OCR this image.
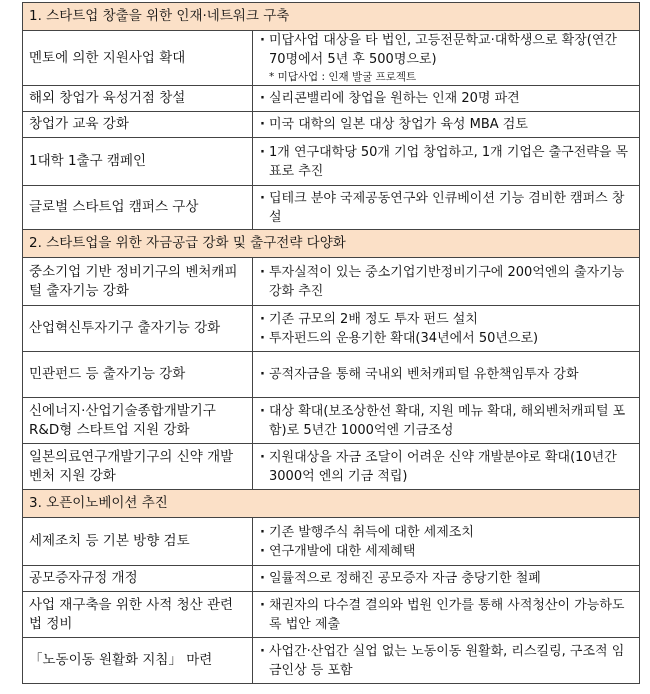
1. 스타트업 창출을 위한 인재·네트워크 구축	
멘토에 의한 지원사업 확대	· 미답사업 대상을 타 법인, 고등전문학교·대학생으로 확장(연간 70명에서 5년 후 500명으로)
* 미답사업 : 인재 발굴 프로젝트

해외 창업가 육성거점 창설	· 실리콘밸리에 창업을 원하는 인재 20명 파견

창업가 교육 강화	· 미국 대학의 일본 대상 창업가 육성 MBA 검토

1대학 1출구 캠페인	· 1개 연구대학당 50개 기업 창업하고, 1개 기업은 출구전략을 목표로 추진

글로벌 스타트업 캠퍼스 구상	· 딥테크 분야 국제공동연구와 인큐베이션 기능 겸비한 캠퍼스 창설

2. 스타트업을 위한 자금공급 강화 및 출구전략 다양화	
중소기업 기반 정비기구의 벤처캐피털 출자기능 강화	· 투자실적이 있는 중소기업기반정비기구에 200억엔의 출자기능 강화 추진

산업혁신투자기구 출자기능 강화	· 기존 규모의 2배 정도 투자 펀드 설치
· 투자펀드의 운용기한 확대(34년에서 50년으로)

민관펀드 등 출자기능 강화	· 공적자금을 통해 국내외 벤처캐피털 유한책임투자 강화

신에너지·산업기술종합개발기구 R&D형 스타트업 지원 강화	· 대상 확대(보조상한선 확대, 지원 메뉴 확대, 해외벤처캐피털 포함)로 5년간 1000억엔 기금조성

일본의료연구개발기구의 신약 개발벤처 지원 강화	· 지원대상을 자금 조달이 어려운 신약 개발분야로 확대(10년간 3000억 엔의 기금 적립)

3. 오픈이노베이션 추진	
세제조치 등 기본 방향 검토	· 기존 발행주식 취득에 대한 세제조치
· 연구개발에 대한 세제혜택

공모증자규정 개정	· 일률적으로 정해진 공모증자 자금 충당기한 철폐

사업 재구축을 위한 사적 청산 관련법 정비	· 채권자의 다수결 결의와 법원 인가를 통해 사적청산이 가능하도록 법안 제출

「노동이동 원활화 지침」 마련	· 사업간·산업간 실업 없는 노동이동 원활화, 리스킬링, 구조적 임금인상 등 포함
